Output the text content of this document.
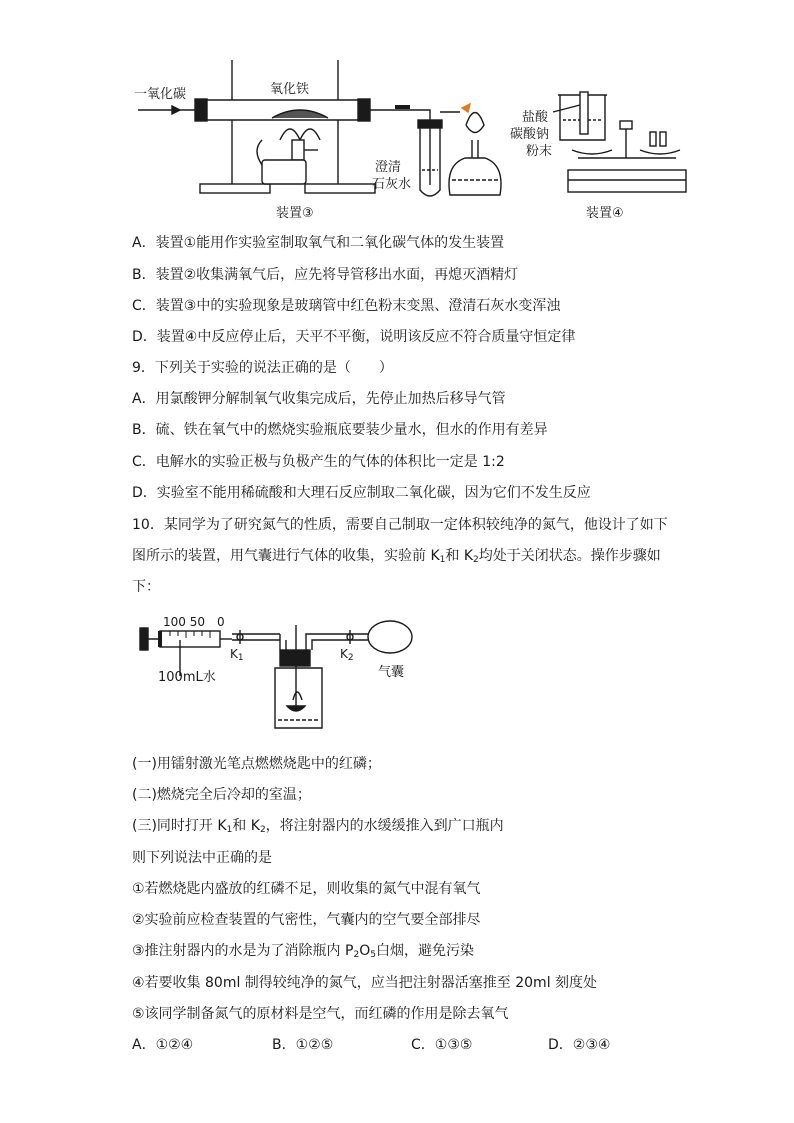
一氧化碳	氧化铁
澄清
石灰水
装置③
盐酸
碳酸钠
粉末
装置④
A．装置①能用作实验室制取氧气和二氧化碳气体的发生装置
B．装置②收集满氧气后，应先将导管移出水面，再熄灭酒精灯
C．装置③中的实验现象是玻璃管中红色粉末变黑、澄清石灰水变浑浊
D．装置④中反应停止后，天平不平衡，说明该反应不符合质量守恒定律
9．下列关于实验的说法正确的是（　　）
A．用氯酸钾分解制氧气收集完成后，先停止加热后移导气管
B．硫、铁在氧气中的燃烧实验瓶底要装少量水，但水的作用有差异
C．电解水的实验正极与负极产生的气体的体积比一定是 1:2
D．实验室不能用稀硫酸和大理石反应制取二氧化碳，因为它们不发生反应
10．某同学为了研究氮气的性质，需要自己制取一定体积较纯净的氮气，他设计了如下
图所示的装置，用气囊进行气体的收集，实验前 $K_1$和 $K_2$均处于关闭状态。操作步骤如
下：
100 50　0
$K_1$	$K_2$
100mL水	气囊
(一)用镭射激光笔点燃燃烧匙中的红磷；
(二)燃烧完全后冷却的室温；
(三)同时打开 $K_1$和 $K_2$，将注射器内的水缓缓推入到广口瓶内
则下列说法中正确的是
①若燃烧匙内盛放的红磷不足，则收集的氮气中混有氧气
②实验前应检查装置的气密性，气囊内的空气要全部排尽
③推注射器内的水是为了消除瓶内 $P_2O_5$白烟，避免污染
④若要收集 80ml 制得较纯净的氮气，应当把注射器活塞推至 20ml 刻度处
⑤该同学制备氮气的原材料是空气，而红磷的作用是除去氧气
A．①②④	B．①②⑤	C．①③⑤	D．②③④
